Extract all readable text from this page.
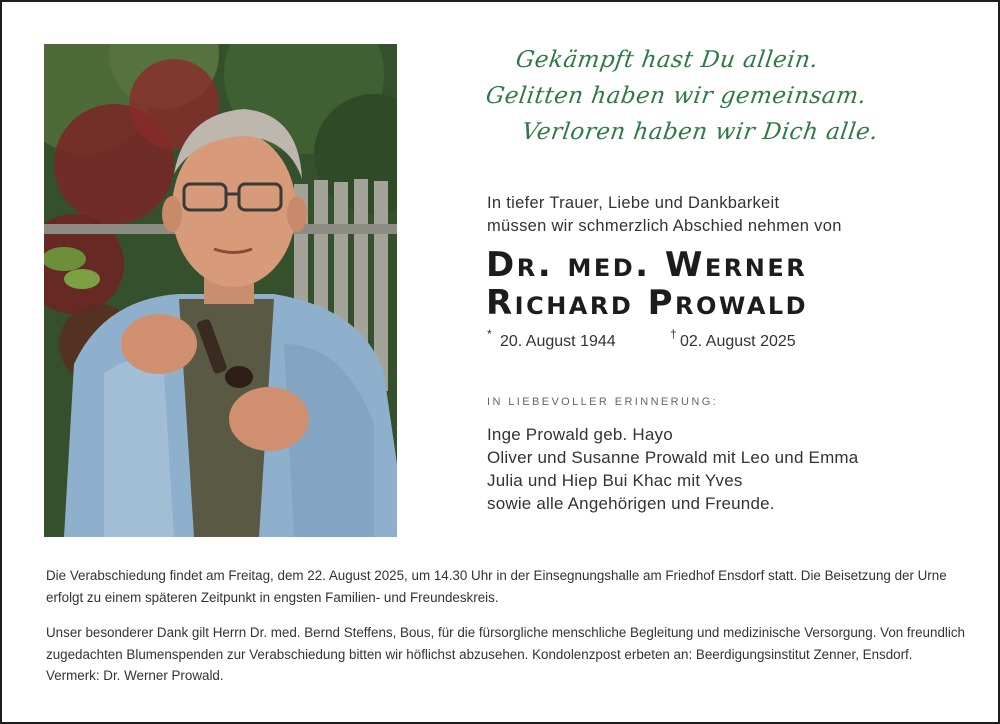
Gekämpft hast Du allein.
Gelitten haben wir gemeinsam.
Verloren haben wir Dich alle.
In tiefer Trauer, Liebe und Dankbarkeit
müssen wir schmerzlich Abschied nehmen von
Dr. med. Werner
Richard Prowald
* 20. August 1944	† 02. August 2025
IN LIEBEVOLLER ERINNERUNG:
Inge Prowald geb. Hayo
Oliver und Susanne Prowald mit Leo und Emma
Julia und Hiep Bui Khac mit Yves
sowie alle Angehörigen und Freunde.
Die Verabschiedung findet am Freitag, dem 22. August 2025, um 14.30 Uhr in der Einsegnungshalle am Friedhof Ensdorf statt. Die Beisetzung der Urne erfolgt zu einem späteren Zeitpunkt in engsten Familien- und Freundeskreis.
Unser besonderer Dank gilt Herrn Dr. med. Bernd Steffens, Bous, für die fürsorgliche menschliche Begleitung und medizinische Versorgung. Von freundlich zugedachten Blumenspenden zur Verabschiedung bitten wir höflichst abzusehen. Kondolenzpost erbeten an: Beerdigungsinstitut Zenner, Ensdorf. Vermerk: Dr. Werner Prowald.
